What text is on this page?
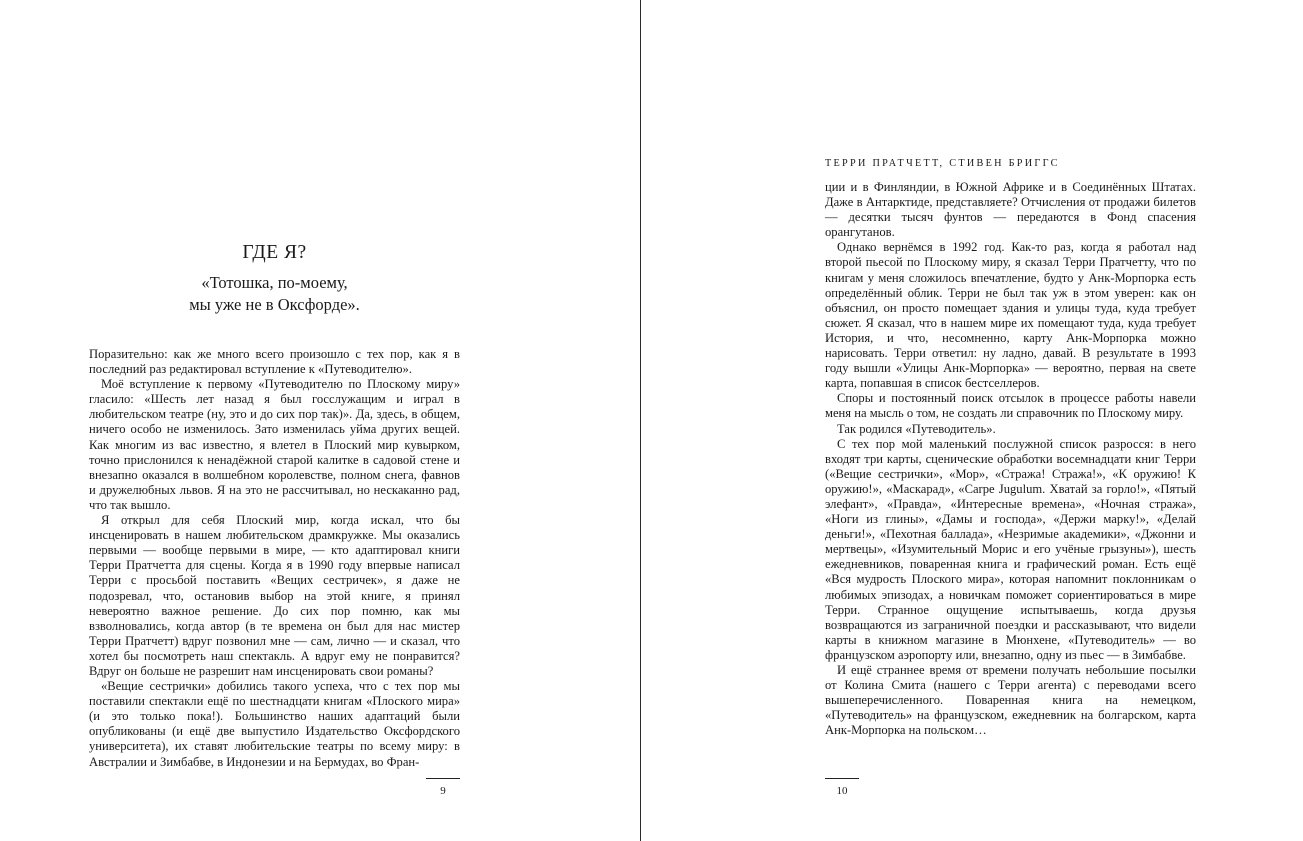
ГДЕ Я?
«Тотошка, по-моему,
мы уже не в Оксфорде».

Поразительно: как же много всего произошло с тех пор, как я в последний раз редактировал вступление к «Путеводителю».

Моё вступление к первому «Путеводителю по Плоскому миру» гласило: «Шесть лет назад я был госслужащим и играл в любительском театре (ну, это и до сих пор так)». Да, здесь, в общем, ничего особо не изменилось. Зато изменилась уйма других вещей. Как многим из вас известно, я влетел в Плоский мир кувырком, точно прислонился к ненадёжной старой калитке в садовой стене и внезапно оказался в волшебном королевстве, полном снега, фавнов и дружелюбных львов. Я на это не рассчитывал, но нескаканно рад, что так вышло.

Я открыл для себя Плоский мир, когда искал, что бы инсценировать в нашем любительском драмкружке. Мы оказались первыми — вообще первыми в мире, — кто адаптировал книги Терри Пратчетта для сцены. Когда я в 1990 году впервые написал Терри с просьбой поставить «Вещих сестричек», я даже не подозревал, что, остановив выбор на этой книге, я принял невероятно важное решение. До сих пор помню, как мы взволновались, когда автор (в те времена он был для нас мистер Терри Пратчетт) вдруг позвонил мне — сам, лично — и сказал, что хотел бы посмотреть наш спектакль. А вдруг ему не понравится? Вдруг он больше не разрешит нам инсценировать свои романы?

«Вещие сестрички» добились такого успеха, что с тех пор мы поставили спектакли ещё по шестнадцати книгам «Плоского мира» (и это только пока!). Большинство наших адаптаций были опубликованы (и ещё две выпустило Издательство Оксфордского университета), их ставят любительские театры по всему миру: в Австралии и Зимбабве, в Индонезии и на Бермудах, во Фран-

9
ТЕРРИ ПРАТЧЕТТ, СТИВЕН БРИГГС

ции и в Финляндии, в Южной Африке и в Соединённых Штатах. Даже в Антарктиде, представляете? Отчисления от продажи билетов — десятки тысяч фунтов — передаются в Фонд спасения орангутанов.

Однако вернёмся в 1992 год. Как-то раз, когда я работал над второй пьесой по Плоскому миру, я сказал Терри Пратчетту, что по книгам у меня сложилось впечатление, будто у Анк-Морпорка есть определённый облик. Терри не был так уж в этом уверен: как он объяснил, он просто помещает здания и улицы туда, куда требует сюжет. Я сказал, что в нашем мире их помещают туда, куда требует История, и что, несомненно, карту Анк-Морпорка можно нарисовать. Терри ответил: ну ладно, давай. В результате в 1993 году вышли «Улицы Анк-Морпорка» — вероятно, первая на свете карта, попавшая в список бестселлеров.

Споры и постоянный поиск отсылок в процессе работы навели меня на мысль о том, не создать ли справочник по Плоскому миру.

Так родился «Путеводитель».

С тех пор мой маленький послужной список разросся: в него входят три карты, сценические обработки восемнадцати книг Терри («Вещие сестрички», «Мор», «Стража! Стража!», «К оружию! К оружию!», «Маскарад», «Carpe Jugulum. Хватай за горло!», «Пятый элефант», «Правда», «Интересные времена», «Ночная стража», «Ноги из глины», «Дамы и господа», «Держи марку!», «Делай деньги!», «Пехотная баллада», «Незримые академики», «Джонни и мертвецы», «Изумительный Морис и его учёные грызуны»), шесть ежедневников, поваренная книга и графический роман. Есть ещё «Вся мудрость Плоского мира», которая напомнит поклонникам о любимых эпизодах, а новичкам поможет сориентироваться в мире Терри. Странное ощущение испытываешь, когда друзья возвращаются из заграничной поездки и рассказывают, что видели карты в книжном магазине в Мюнхене, «Путеводитель» — во французском аэропорту или, внезапно, одну из пьес — в Зимбабве.

И ещё страннее время от времени получать небольшие посылки от Колина Смита (нашего с Терри агента) с переводами всего вышеперечисленного. Поваренная книга на немецком, «Путеводитель» на французском, ежедневник на болгарском, карта Анк-Морпорка на польском…

10
